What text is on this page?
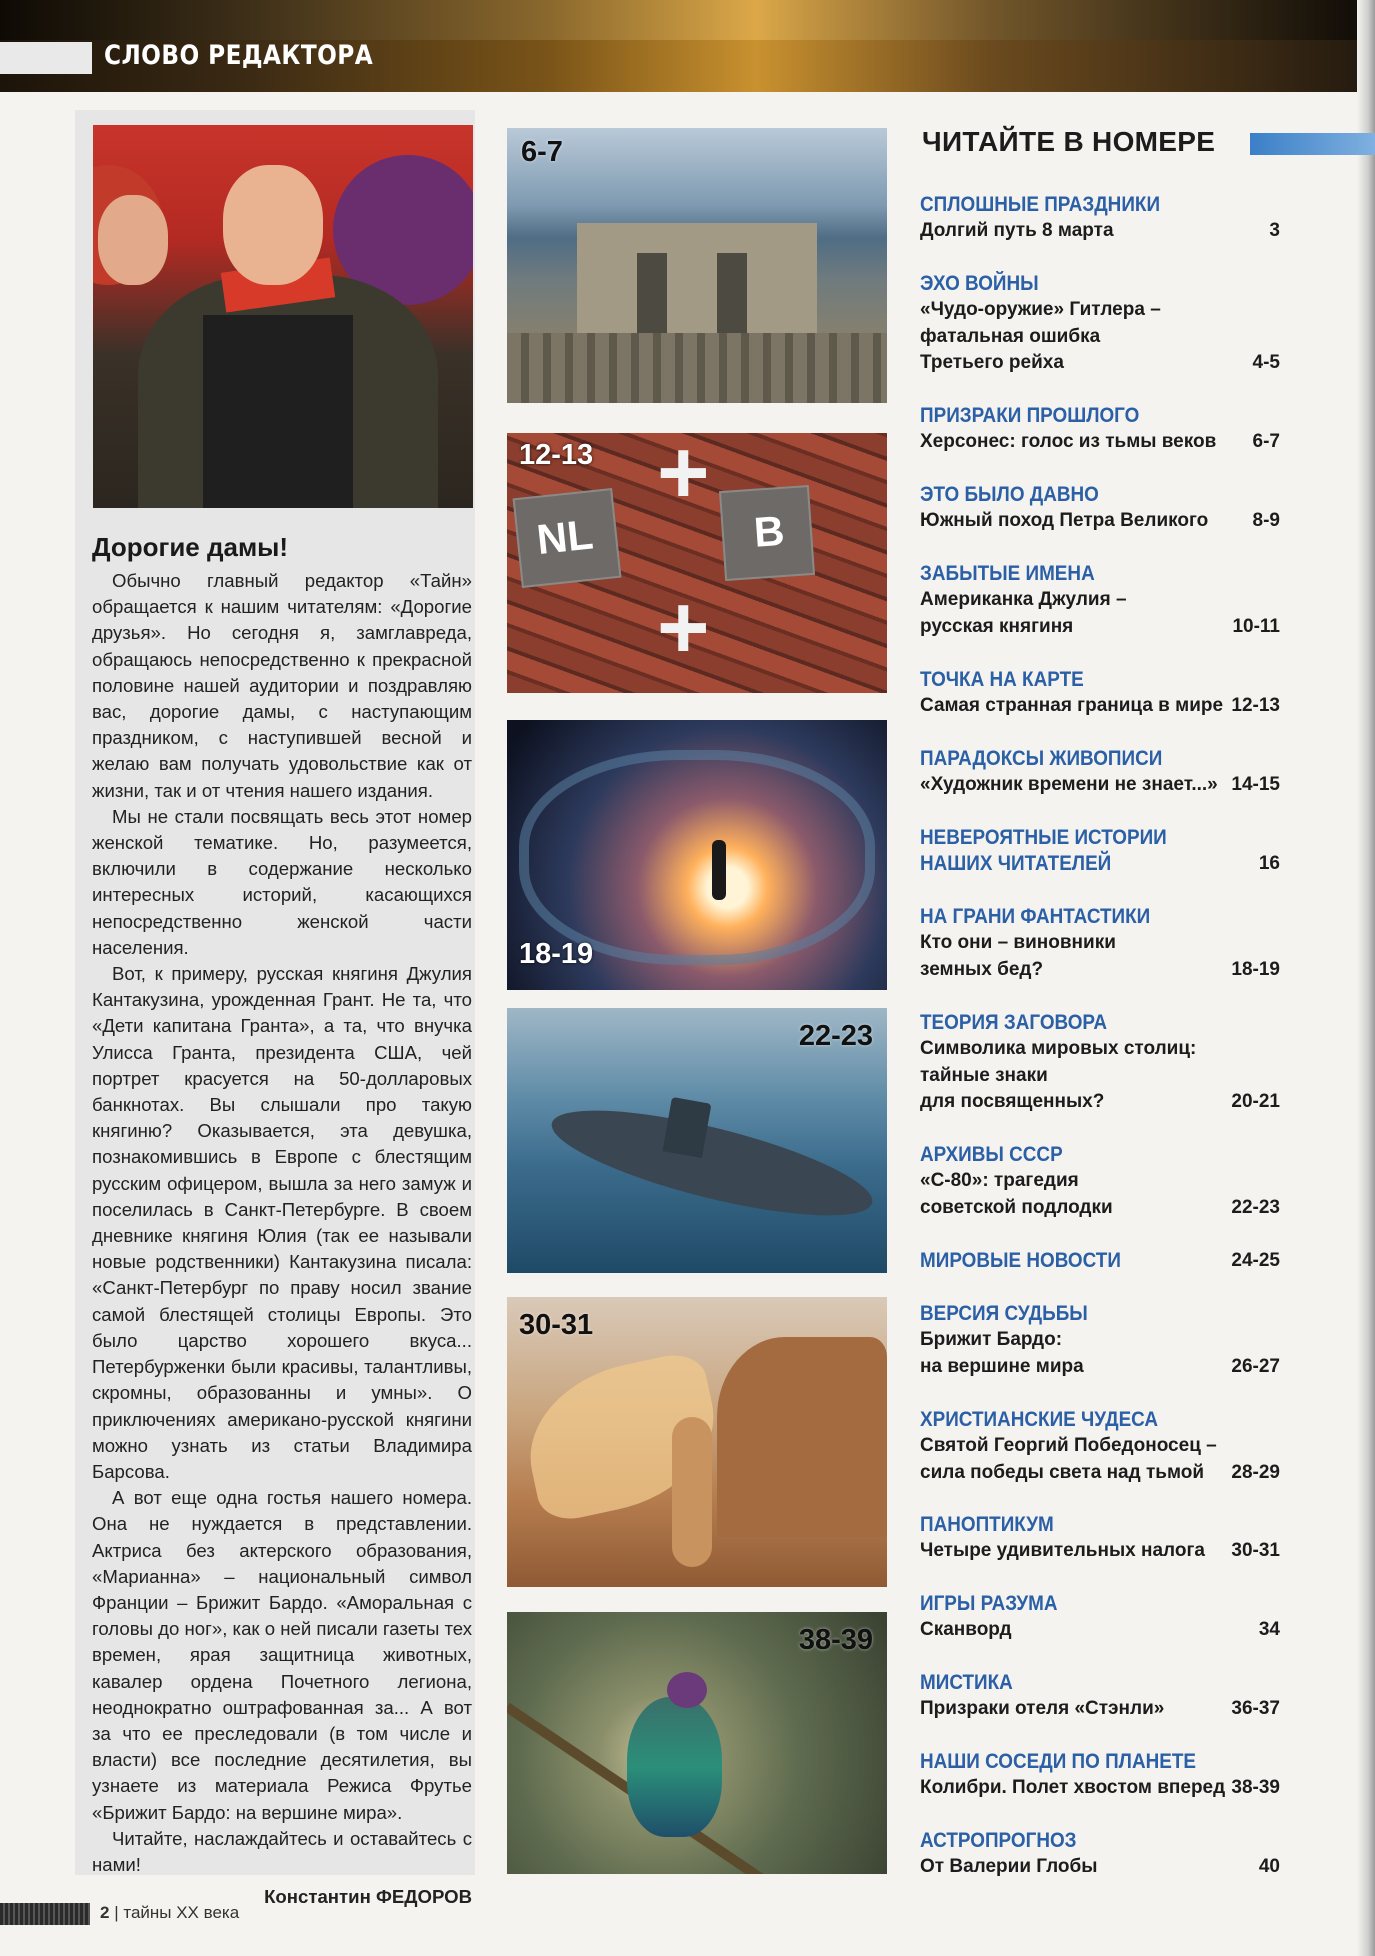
СЛОВО РЕДАКТОРА
Дорогие дамы!

Обычно главный редактор «Тайн» обращается к нашим читателям: «Дорогие друзья». Но сегодня я, замглавреда, обращаюсь непосредственно к прекрасной половине нашей аудитории и поздравляю вас, дорогие дамы, с наступающим праздником, с наступившей весной и желаю вам получать удовольствие как от жизни, так и от чтения нашего издания.

Мы не стали посвящать весь этот номер женской тематике. Но, разумеется, включили в содержание несколько интересных историй, касающихся непосредственно женской части населения.

Вот, к примеру, русская княгиня Джулия Кантакузина, урожденная Грант. Не та, что «Дети капитана Гранта», а та, что внучка Улисса Гранта, президента США, чей портрет красуется на 50-долларовых банкнотах. Вы слышали про такую княгиню? Оказывается, эта девушка, познакомившись в Европе с блестящим русским офицером, вышла за него замуж и поселилась в Санкт-Петербурге. В своем дневнике княгиня Юлия (так ее называли новые родственники) Кантакузина писала: «Санкт-Петербург по праву носил звание самой блестящей столицы Европы. Это было царство хорошего вкуса... Петербурженки были красивы, талантливы, скромны, образованны и умны». О приключениях американо-русской княгини можно узнать из статьи Владимира Барсова.

А вот еще одна гостья нашего номера. Она не нуждается в представлении. Актриса без актерского образования, «Марианна» – национальный символ Франции – Брижит Бардо. «Аморальная с головы до ног», как о ней писали газеты тех времен, ярая защитница животных, кавалер ордена Почетного легиона, неоднократно оштрафованная за... А вот за что ее преследовали (в том числе и власти) все последние десятилетия, вы узнаете из материала Режиса Фрутье «Брижит Бардо: на вершине мира».

Читайте, наслаждайтесь и оставайтесь с нами!

Константин ФЕДОРОВ

6-7
+
NL	B
+
12-13
18-19
22-23
30-31
38-39
ЧИТАЙТЕ В НОМЕРЕ
СПЛОШНЫЕ ПРАЗДНИКИ
Долгий путь 8 марта	3
ЭХО ВОЙНЫ
«Чудо-оружие» Гитлера –
фатальная ошибка
Третьего рейха	4-5
ПРИЗРАКИ ПРОШЛОГО
Херсонес: голос из тьмы веков	6-7
ЭТО БЫЛО ДАВНО
Южный поход Петра Великого	8-9
ЗАБЫТЫЕ ИМЕНА
Американка Джулия –
русская княгиня	10-11
ТОЧКА НА КАРТЕ
Самая странная граница в мире 12-13
ПАРАДОКСЫ ЖИВОПИСИ
«Художник времени не знает...» 14-15
НЕВЕРОЯТНЫЕ ИСТОРИИ
НАШИХ ЧИТАТЕЛЕЙ	16
НА ГРАНИ ФАНТАСТИКИ
Кто они – виновники
земных бед?	18-19
ТЕОРИЯ ЗАГОВОРА
Символика мировых столиц:
тайные знаки
для посвященных?	20-21
АРХИВЫ СССР
«С-80»: трагедия
советской подлодки	22-23
МИРОВЫЕ НОВОСТИ	24-25
ВЕРСИЯ СУДЬБЫ
Брижит Бардо:
на вершине мира	26-27
ХРИСТИАНСКИЕ ЧУДЕСА
Святой Георгий Победоносец –
сила победы света над тьмой	28-29
ПАНОПТИКУМ
Четыре удивительных налога	30-31
ИГРЫ РАЗУМА
Сканворд	34
МИСТИКА
Призраки отеля «Стэнли»	36-37
НАШИ СОСЕДИ ПО ПЛАНЕТЕ
Колибри. Полет хвостом вперед 38-39
АСТРОПРОГНОЗ
От Валерии Глобы	40
2 | тайны XX века
